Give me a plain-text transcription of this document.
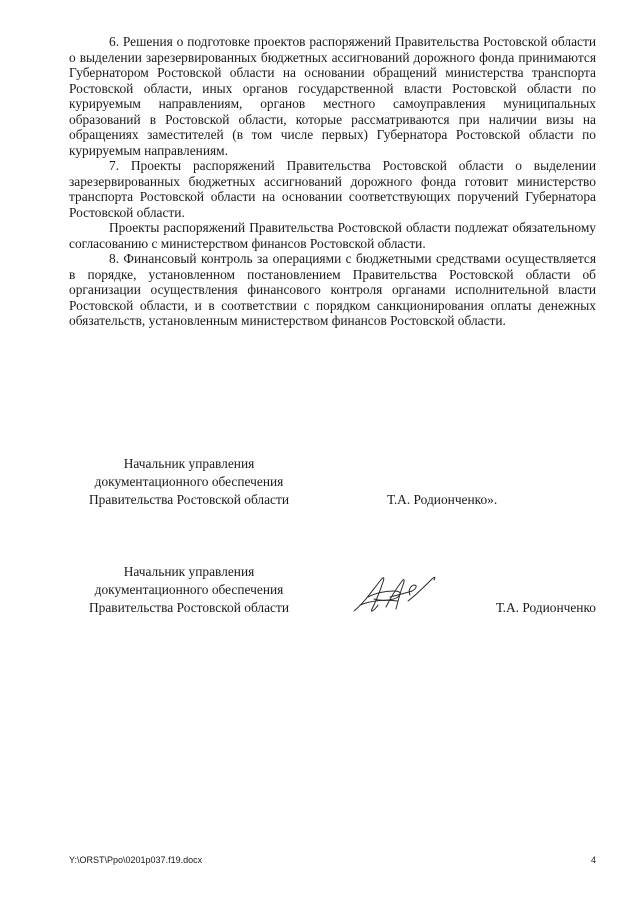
6. Решения о подготовке проектов распоряжений Правительства Ростовской области о выделении зарезервированных бюджетных ассигнований дорожного фонда принимаются Губернатором Ростовской области на основании обращений министерства транспорта Ростовской области, иных органов государственной власти Ростовской области по курируемым направлениям, органов местного самоуправления муниципальных образований в Ростовской области, которые рассматриваются при наличии визы на обращениях заместителей (в том числе первых) Губернатора Ростовской области по курируемым направлениям.

7. Проекты распоряжений Правительства Ростовской области о выделении зарезервированных бюджетных ассигнований дорожного фонда готовит министерство транспорта Ростовской области на основании соответствующих поручений Губернатора Ростовской области.

Проекты распоряжений Правительства Ростовской области подлежат обязательному согласованию с министерством финансов Ростовской области.

8. Финансовый контроль за операциями с бюджетными средствами осуществляется в порядке, установленном постановлением Правительства Ростовской области об организации осуществления финансового контроля органами исполнительной власти Ростовской области, и в соответствии с порядком санкционирования оплаты денежных обязательств, установленным министерством финансов Ростовской области.

Начальник управления
документационного обеспечения
Правительства Ростовской области	Т.А. Родионченко».
Начальник управления
документационного обеспечения
Правительства Ростовской области	Т.А. Родионченко
Y:\ORST\Ppo\0201p037.f19.docx	4
